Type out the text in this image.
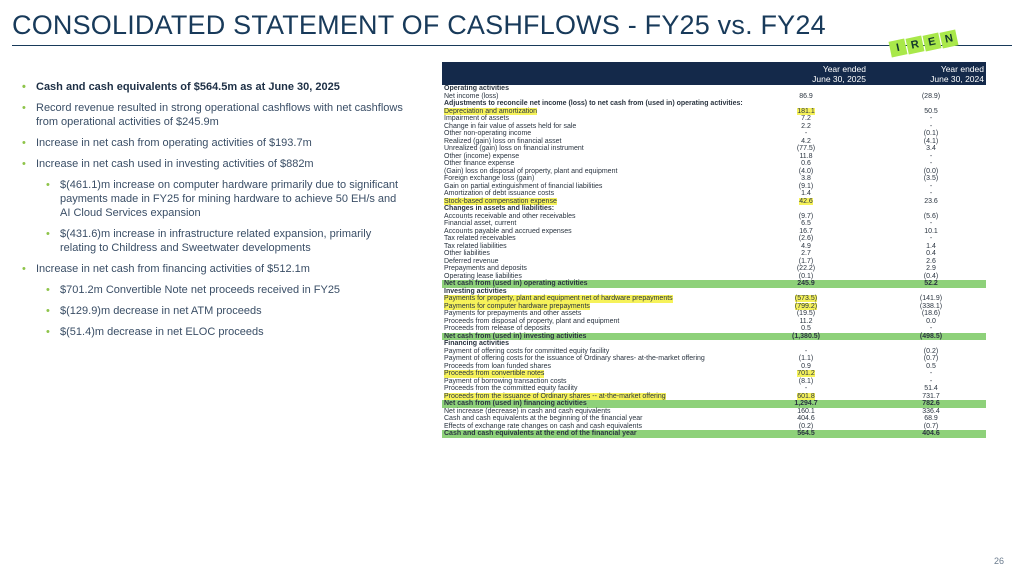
CONSOLIDATED STATEMENT OF CASHFLOWS - FY25 vs. FY24
I R E N
• Cash and cash equivalents of $564.5m as at June 30, 2025
• Record revenue resulted in strong operational cashflows with net cashflows from operational activities of $245.9m
• Increase in net cash from operating activities of $193.7m
• Increase in net cash used in investing activities of $882m
• $(461.1)m increase on computer hardware primarily due to significant payments made in FY25 for mining hardware to achieve 50 EH/s and AI Cloud Services expansion
• $(431.6)m increase in infrastructure related expansion, primarily relating to Childress and Sweetwater developments
• Increase in net cash from financing activities of $512.1m
• $701.2m Convertible Note net proceeds received in FY25
• $(129.9)m decrease in net ATM proceeds
• $(51.4)m decrease in net ELOC proceeds
Year ended
June 30, 2025
Year ended
June 30, 2024
Operating activities
Net income (loss)	86.9	(28.9)
Adjustments to reconcile net income (loss) to net cash from (used in) operating activities:
Depreciation and amortization	181.1	50.5
Impairment of assets	7.2	-
Change in fair value of assets held for sale	2.2	-
Other non-operating income	-	(0.1)
Realized (gain) loss on financial asset	4.2	(4.1)
Unrealized (gain) loss on financial instrument	(77.5)	3.4
Other (income) expense	11.8	-
Other finance expense	0.6	-
(Gain) loss on disposal of property, plant and equipment	(4.0)	(0.0)
Foreign exchange loss (gain)	3.8	(3.5)
Gain on partial extinguishment of financial liabilities	(9.1)	-
Amortization of debt issuance costs	1.4	-
Stock-based compensation expense	42.6	23.6
Changes in assets and liabilities:
Accounts receivable and other receivables	(9.7)	(5.6)
Financial asset, current	6.5	-
Accounts payable and accrued expenses	16.7	10.1
Tax related receivables	(2.6)	-
Tax related liabilities	4.9	1.4
Other liabilities	2.7	0.4
Deferred revenue	(1.7)	2.6
Prepayments and deposits	(22.2)	2.9
Operating lease liabilities	(0.1)	(0.4)
Net cash from (used in) operating activities	245.9	52.2
Investing activities
Payments for property, plant and equipment net of hardware prepayments	(573.5)	(141.9)
Payments for computer hardware prepayments	(799.2)	(338.1)
Payments for prepayments and other assets	(19.5)	(18.6)
Proceeds from disposal of property, plant and equipment	11.2	0.0
Proceeds from release of deposits	0.5	-
Net cash from (used in) investing activities	(1,380.5)	(498.5)
Financing activities
Payment of offering costs for committed equity facility	-	(0.2)
Payment of offering costs for the issuance of Ordinary shares- at-the-market offering	(1.1)	(0.7)
Proceeds from loan funded shares	0.9	0.5
Proceeds from convertible notes	701.2	-
Payment of borrowing transaction costs	(8.1)	-
Proceeds from the committed equity facility	-	51.4
Proceeds from the issuance of Ordinary shares -- at-the-market offering	601.8	731.7
Net cash from (used in) financing activities	1,294.7	782.6
Net increase (decrease) in cash and cash equivalents	160.1	336.4
Cash and cash equivalents at the beginning of the financial year	404.6	68.9
Effects of exchange rate changes on cash and cash equivalents	(0.2)	(0.7)
Cash and cash equivalents at the end of the financial year	564.5	404.6
26
